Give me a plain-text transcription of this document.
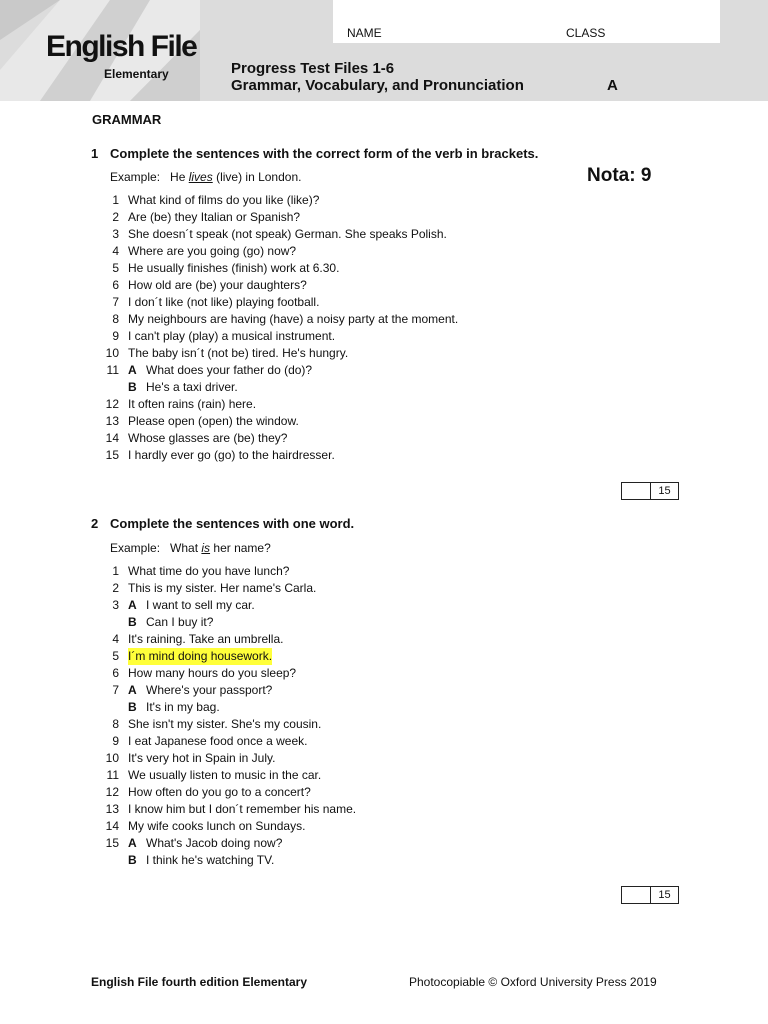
English File
Elementary
NAME	CLASS
Progress Test Files 1-6
Grammar, Vocabulary, and Pronunciation	A
GRAMMAR
1 Complete the sentences with the correct form of the verb in brackets.
Example: He lives (live) in London.	Nota: 9
1 What kind of films do you like (like)?
2 Are (be) they Italian or Spanish?
3 She doesn´t speak (not speak) German. She speaks Polish.
4 Where are you going (go) now?
5 He usually finishes (finish) work at 6.30.
6 How old are (be) your daughters?
7 I don´t like (not like) playing football.
8 My neighbours are having (have) a noisy party at the moment.
9 I can't play (play) a musical instrument.
10 The baby isn´t (not be) tired. He's hungry.
11 A What does your father do (do)?
B He's a taxi driver.
12 It often rains (rain) here.
13 Please open (open) the window.
14 Whose glasses are (be) they?
15 I hardly ever go (go) to the hairdresser.
15
2 Complete the sentences with one word.
Example: What is her name?
1 What time do you have lunch?
2 This is my sister. Her name's Carla.
3 A I want to sell my car.
B Can I buy it?
4 It's raining. Take an umbrella.
5 I´m mind doing housework.
6 How many hours do you sleep?
7 A Where's your passport?
B It's in my bag.
8 She isn't my sister. She's my cousin.
9 I eat Japanese food once a week.
10 It's very hot in Spain in July.
11 We usually listen to music in the car.
12 How often do you go to a concert?
13 I know him but I don´t remember his name.
14 My wife cooks lunch on Sundays.
15 A What's Jacob doing now?
B I think he's watching TV.
15
English File fourth edition Elementary	Photocopiable © Oxford University Press 2019
